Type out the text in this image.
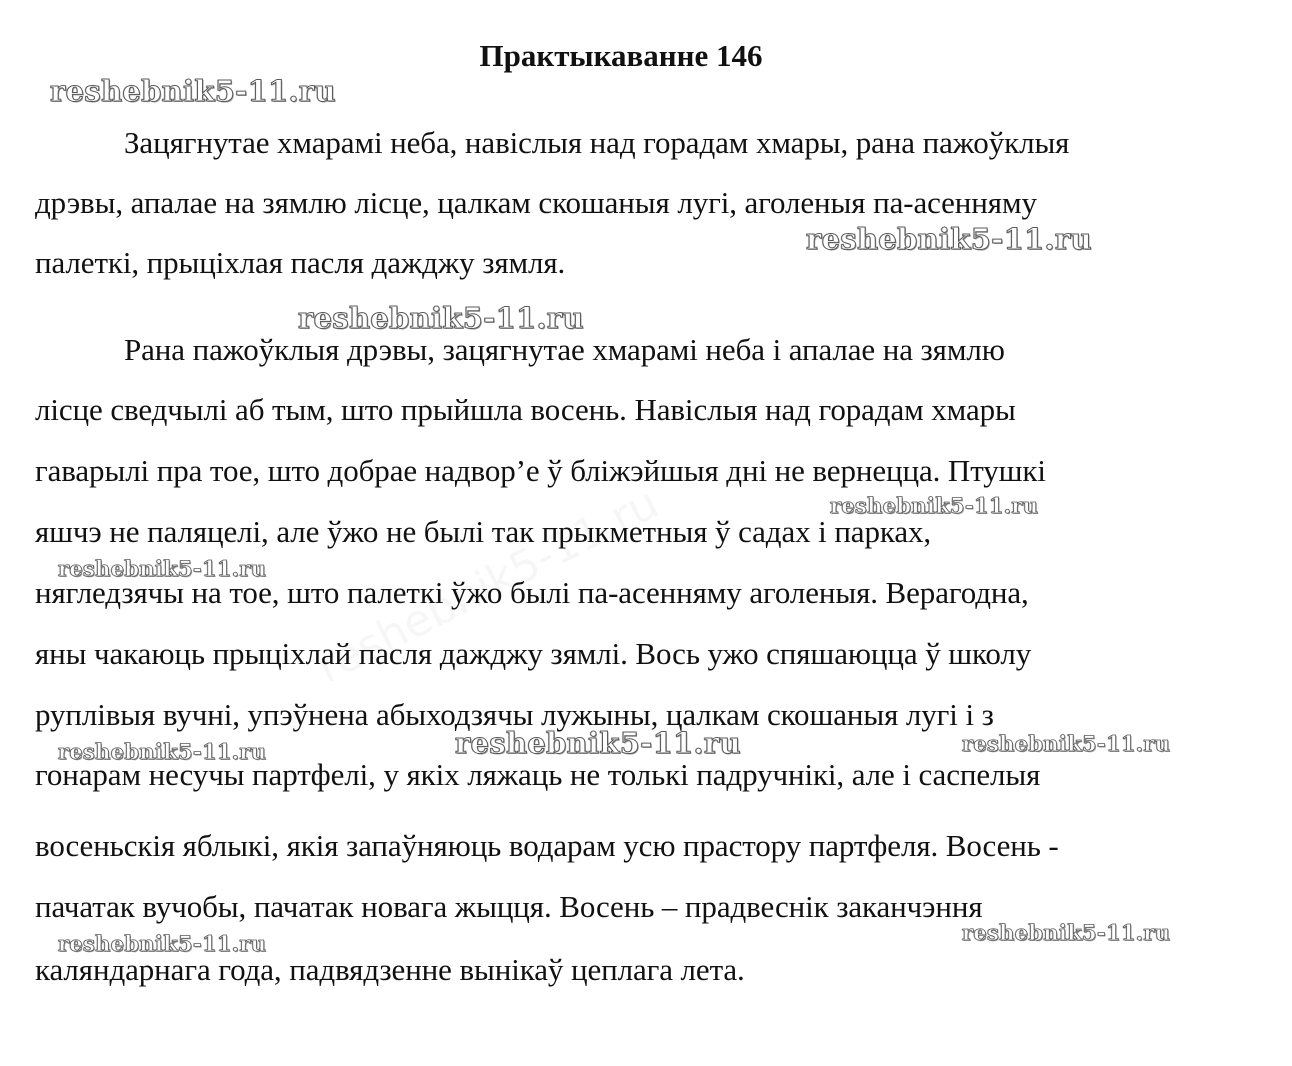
Практыкаванне 146
Зацягнутае хмарамі неба, навіслыя над горадам хмары, рана пажоўклыя
дрэвы, апалае на зямлю лісце, цалкам скошаныя лугі, аголеныя па-асенняму
палеткі, прыціхлая пасля дажджу зямля.
Рана пажоўклыя дрэвы, зацягнутае хмарамі неба і апалае на зямлю
лісце сведчылі аб тым, што прыйшла восень. Навіслыя над горадам хмары
гаварылі пра тое, што добрае надвор’е ў бліжэйшыя дні не вернецца. Птушкі
яшчэ не паляцелі, але ўжо не былі так прыкметныя ў садах і парках,
нягледзячы на тое, што палеткі ўжо былі па-асенняму аголеныя. Верагодна,
яны чакаюць прыціхлай пасля дажджу зямлі. Вось ужо спяшаюцца ў школу
руплівыя вучні, упэўнена абыходзячы лужыны, цалкам скошаныя лугі і з
гонарам несучы партфелі, у якіх ляжаць не толькі падручнікі, але і саспелыя
восеньскія яблыкі, якія запаўняюць водарам усю прастору партфеля. Восень -
пачатак вучобы, пачатак новага жыцця. Восень – прадвеснік заканчэння
каляндарнага года, падвядзенне вынікаў цеплага лета.
reshebnik5-11.ru
reshebnik5-11.ru
reshebnik5-11.ru
reshebnik5-11.ru
reshebnik5-11.ru
reshebnik5-11.ru
reshebnik5-11.ru	reshebnik5-11.ru
reshebnik5-11.ru
reshebnik5-11.ru
